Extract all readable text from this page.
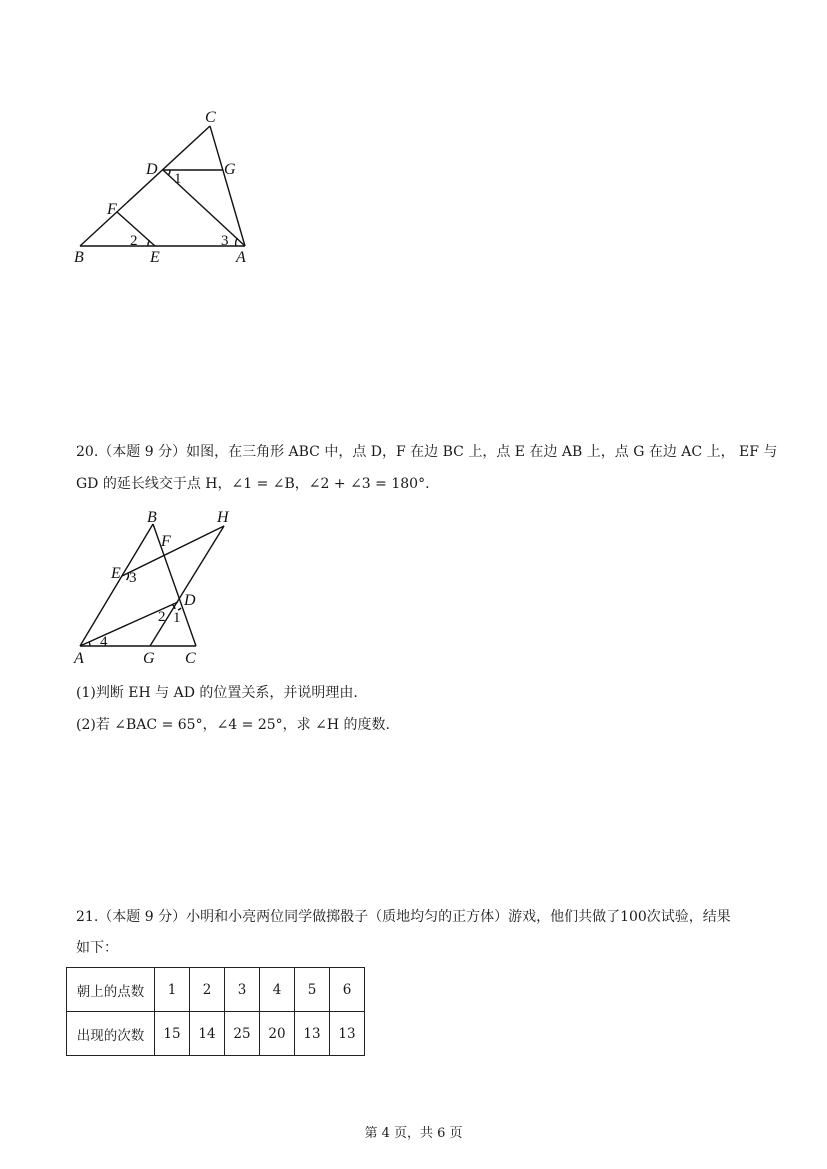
C
D	G
1
F
2	3
B	E	A
20.（本题 9 分）如图，在三角形 ABC 中，点 D，F 在边 BC 上，点 E 在边 AB 上，点 G 在边 AC 上， EF 与
GD 的延长线交于点 H，∠1 = ∠B，∠2 + ∠3 = 180°.
B	H
F
E 3
D
2 1
4
A	G C
(1)判断 EH 与 AD 的位置关系，并说明理由.
(2)若 ∠BAC = 65°，∠4 = 25°，求 ∠H 的度数.
21.（本题 9 分）小明和小亮两位同学做掷骰子（质地均匀的正方体）游戏，他们共做了100次试验，结果
如下：
朝上的点数	1	2	3	4	5	6
出现的次数	15	14	25	20	13	13
第 4 页，共 6 页
